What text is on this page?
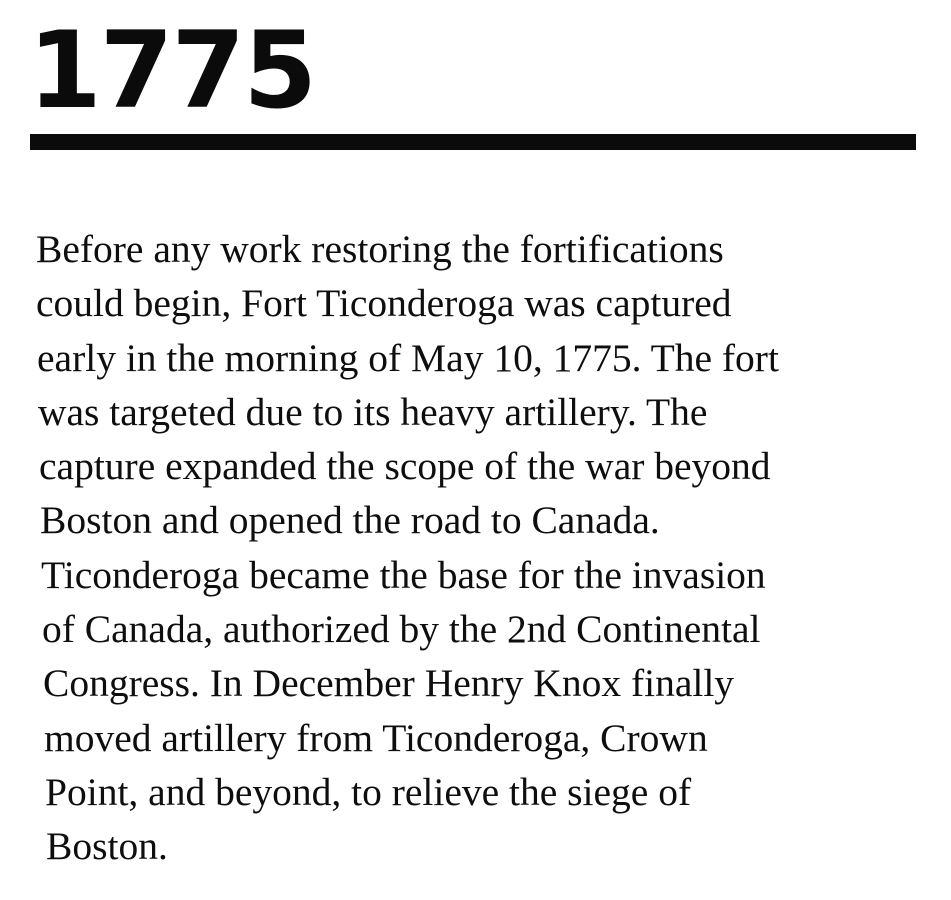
1775

Before any work restoring the fortifications
could begin, Fort Ticonderoga was captured
early in the morning of May 10, 1775. The fort
was targeted due to its heavy artillery. The
capture expanded the scope of the war beyond
Boston and opened the road to Canada.
Ticonderoga became the base for the invasion
of Canada, authorized by the 2nd Continental
Congress. In December Henry Knox finally
moved artillery from Ticonderoga, Crown
Point, and beyond, to relieve the siege of
Boston.
